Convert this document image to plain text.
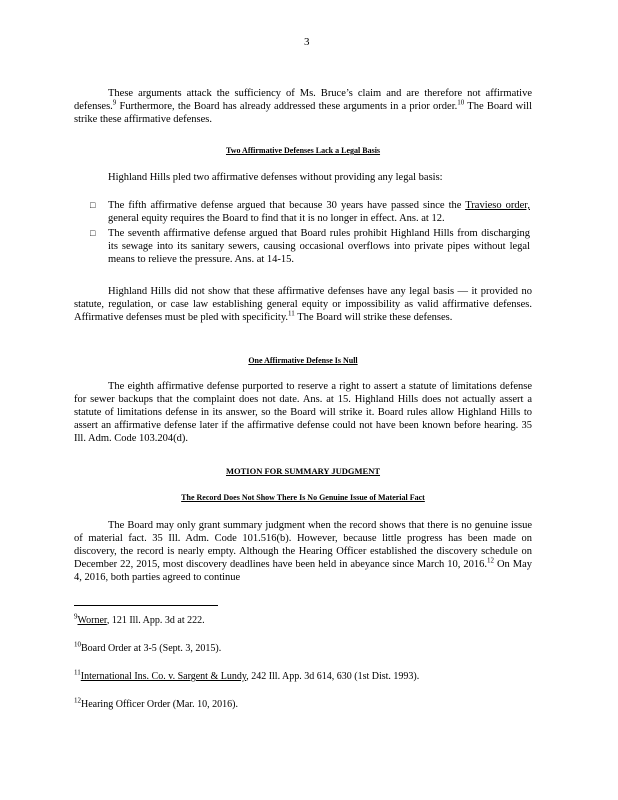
3
These arguments attack the sufficiency of Ms. Bruce’s claim and are therefore not affirmative defenses.$^9$ Furthermore, the Board has already addressed these arguments in a prior order.$^{10}$ The Board will strike these affirmative defenses.
Two Affirmative Defenses Lack a Legal Basis
Highland Hills pled two affirmative defenses without providing any legal basis:
□	The fifth affirmative defense argued that because 30 years have passed since the Travieso order, general equity requires the Board to find that it is no longer in effect. Ans. at 12.
□	The seventh affirmative defense argued that Board rules prohibit Highland Hills from discharging its sewage into its sanitary sewers, causing occasional overflows into private pipes without legal means to relieve the pressure. Ans. at 14-15.
Highland Hills did not show that these affirmative defenses have any legal basis — it provided no statute, regulation, or case law establishing general equity or impossibility as valid affirmative defenses. Affirmative defenses must be pled with specificity.$^{11}$ The Board will strike these defenses.
One Affirmative Defense Is Null
The eighth affirmative defense purported to reserve a right to assert a statute of limitations defense for sewer backups that the complaint does not date. Ans. at 15. Highland Hills does not actually assert a statute of limitations defense in its answer, so the Board will strike it. Board rules allow Highland Hills to assert an affirmative defense later if the affirmative defense could not have been known before hearing. 35 Ill. Adm. Code 103.204(d).
MOTION FOR SUMMARY JUDGMENT
The Record Does Not Show There Is No Genuine Issue of Material Fact
The Board may only grant summary judgment when the record shows that there is no genuine issue of material fact. 35 Ill. Adm. Code 101.516(b). However, because little progress has been made on discovery, the record is nearly empty. Although the Hearing Officer established the discovery schedule on December 22, 2015, most discovery deadlines have been held in abeyance since March 10, 2016.12 On May 4, 2016, both parties agreed to continue
$^9$Worner, 121 Ill. App. 3d at 222.
$^{10}$Board Order at 3-5 (Sept. 3, 2015).
$^{11}$International Ins. Co. v. Sargent & Lundy, 242 Ill. App. 3d 614, 630 (1st Dist. 1993).
$^{12}$Hearing Officer Order (Mar. 10, 2016).
